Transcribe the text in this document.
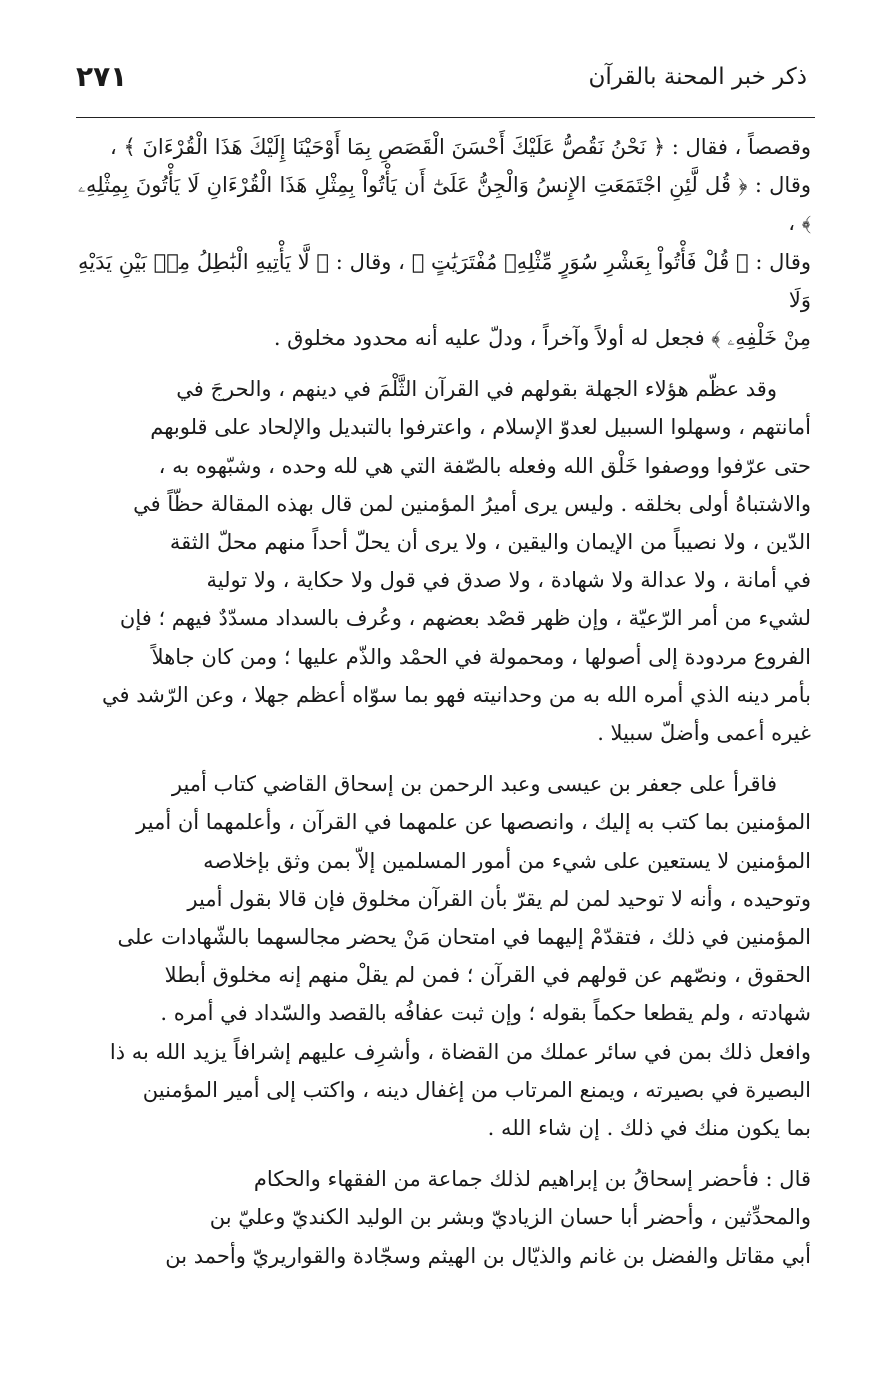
٢٧١	ذكر خبر المحنة بالقرآن

وقصصاً ، فقال : ﴿ نَحْنُ نَقُصُّ عَلَيْكَ أَحْسَنَ الْقَصَصِ بِمَا أَوْحَيْنَا إِلَيْكَ هَذَا الْقُرْءَانَ ﴾ ،
وقال : ﴿ قُل لَّئِنِ اجْتَمَعَتِ الإِنسُ وَالْجِنُّ عَلَىٰٓ أَن يَأْتُواْ بِمِثْلِ هَذَا الْقُرْءَانِ لَا يَأْتُونَ بِمِثْلِهِۦ ﴾ ،
وقال : ﴿ قُلْ فَأْتُواْ بِعَشْرِ سُوَرٍ مِّثْلِهِۦ مُفْتَرَيَٰتٍ ﴾ ، وقال : ﴿ لَّا يَأْتِيهِ الْبَٰطِلُ مِنۢ بَيْنِ يَدَيْهِ وَلَا
مِنْ خَلْفِهِۦ ﴾ فجعل له أولاً وآخراً ، ودلّ عليه أنه محدود مخلوق .

وقد عظّم هؤلاء الجهلة بقولهم في القرآن الثَّلْمَ في دينهم ، والحرجَ في
أمانتهم ، وسهلوا السبيل لعدوّ الإسلام ، واعترفوا بالتبديل والإلحاد على قلوبهم
حتى عرّفوا ووصفوا خَلْق الله وفعله بالصّفة التي هي لله وحده ، وشبّهوه به ،
والاشتباهُ أولى بخلقه . وليس يرى أميرُ المؤمنين لمن قال بهذه المقالة حظّاً في
الدّين ، ولا نصيباً من الإيمان واليقين ، ولا يرى أن يحلّ أحداً منهم محلّ الثقة
في أمانة ، ولا عدالة ولا شهادة ، ولا صدق في قول ولا حكاية ، ولا تولية
لشيء من أمر الرّعيّة ، وإن ظهر قصْد بعضهم ، وعُرف بالسداد مسدّدٌ فيهم ؛ فإن
الفروع مردودة إلى أصولها ، ومحمولة في الحمْد والذّم عليها ؛ ومن كان جاهلاً
بأمر دينه الذي أمره الله به من وحدانيته فهو بما سوّاه أعظم جهلا ، وعن الرّشد في
غيره أعمى وأضلّ سبيلا .

فاقرأ على جعفر بن عيسى وعبد الرحمن بن إسحاق القاضي كتاب أمير
المؤمنين بما كتب به إليك ، وانصصها عن علمهما في القرآن ، وأعلمهما أن أمير
المؤمنين لا يستعين على شيء من أمور المسلمين إلاّ بمن وثق بإخلاصه
وتوحيده ، وأنه لا توحيد لمن لم يقرّ بأن القرآن مخلوق فإن قالا بقول أمير
المؤمنين في ذلك ، فتقدّمْ إليهما في امتحان مَنْ يحضر مجالسهما بالشّهادات على
الحقوق ، ونصّهم عن قولهم في القرآن ؛ فمن لم يقلْ منهم إنه مخلوق أبطلا
شهادته ، ولم يقطعا حكماً بقوله ؛ وإن ثبت عفافُه بالقصد والسّداد في أمره .
وافعل ذلك بمن في سائر عملك من القضاة ، وأشرِف عليهم إشرافاً يزيد الله به ذا
البصيرة في بصيرته ، ويمنع المرتاب من إغفال دينه ، واكتب إلى أمير المؤمنين
بما يكون منك في ذلك . إن شاء الله .

قال : فأحضر إسحاقُ بن إبراهيم لذلك جماعة من الفقهاء والحكام
والمحدِّثين ، وأحضر أبا حسان الزياديّ وبشر بن الوليد الكنديّ وعليّ بن
أبي مقاتل والفضل بن غانم والذيّال بن الهيثم وسجّادة والقواريريّ وأحمد بن
